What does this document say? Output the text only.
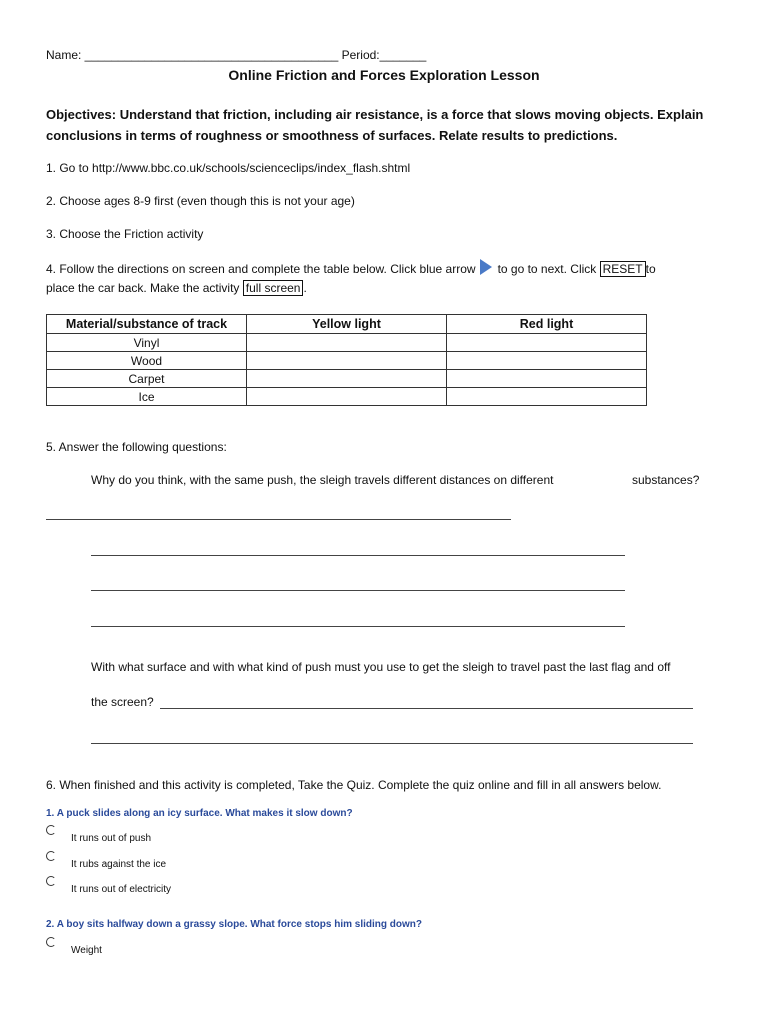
Name: ______________________________________ Period:_______
Online Friction and Forces Exploration Lesson
Objectives: Understand that friction, including air resistance, is a force that slows moving objects. Explain conclusions in terms of roughness or smoothness of surfaces. Relate results to predictions.
1. Go to http://www.bbc.co.uk/schools/scienceclips/index_flash.shtml
2. Choose ages 8-9 first (even though this is not your age)
3. Choose the Friction activity
4. Follow the directions on screen and complete the table below. Click blue arrow to go to next. Click RESET to
place the car back. Make the activity full screen .
Material/substance of track	Yellow light	Red light
Vinyl		
Wood		
Carpet		
Ice		
5. Answer the following questions:
Why do you think, with the same push, the sleigh travels different distances on different	substances?
With what surface and with what kind of push must you use to get the sleigh to travel past the last flag and off
the screen?
6. When finished and this activity is completed, Take the Quiz. Complete the quiz online and fill in all answers below.
1. A puck slides along an icy surface. What makes it slow down?
It runs out of push
It rubs against the ice
It runs out of electricity
2. A boy sits halfway down a grassy slope. What force stops him sliding down?
Weight
